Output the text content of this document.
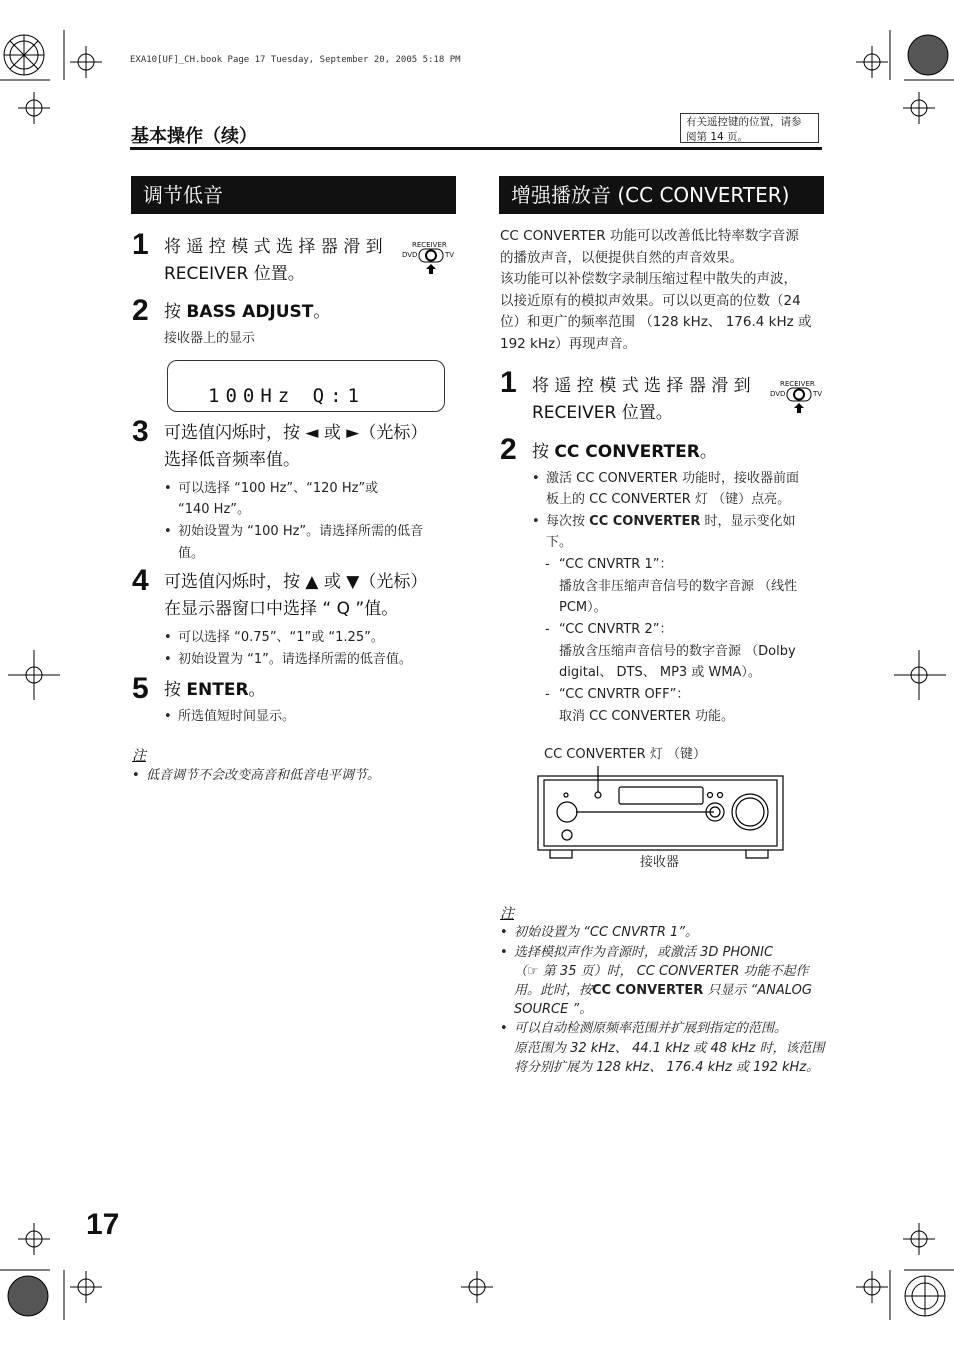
EXA10[UF]_CH.book Page 17 Tuesday, September 20, 2005 5:18 PM
基本操作（续）
有关遥控键的位置，请参
阅第 14 页。
调节低音
1 将 遥 控 模 式 选 择 器 滑 到
RECEIVER 位置。
RECEIVER
DVD	TV
2 按 BASS ADJUST。
接收器上的显示
100Hz Q:1
3 可选值闪烁时，按 ◄ 或 ►（光标）
选择低音频率值。
• 可以选择 “100 Hz”、“120 Hz”或
“140 Hz”。
• 初始设置为 “100 Hz”。请选择所需的低音
值。
4 可选值闪烁时，按 ▲ 或 ▼（光标）
在显示器窗口中选择 “ Q ”值。
• 可以选择 “0.75”、“1”或 “1.25”。
• 初始设置为 “1”。请选择所需的低音值。
5 按 ENTER。
• 所选值短时间显示。
注
• 低音调节不会改变高音和低音电平调节。
增强播放音 (CC CONVERTER)
CC CONVERTER 功能可以改善低比特率数字音源
的播放声音，以便提供自然的声音效果。
该功能可以补偿数字录制压缩过程中散失的声波，
以接近原有的模拟声效果。可以以更高的位数（24
位）和更广的频率范围 （128 kHz、 176.4 kHz 或
192 kHz）再现声音。
1 将 遥 控 模 式 选 择 器 滑 到
RECEIVER 位置。
RECEIVER
DVD	TV
2 按 CC CONVERTER。
• 激活 CC CONVERTER 功能时，接收器前面
板上的 CC CONVERTER 灯 （键）点亮。
• 每次按 CC CONVERTER 时，显示变化如
下。
- “CC CNVRTR 1”：
播放含非压缩声音信号的数字音源 （线性
PCM）。
- “CC CNVRTR 2”：
播放含压缩声音信号的数字音源 （Dolby
digital、 DTS、 MP3 或 WMA）。
- “CC CNVRTR OFF”：
取消 CC CONVERTER 功能。
CC CONVERTER 灯 （键）
接收器
注
• 初始设置为 “CC CNVRTR 1”。
• 选择模拟声作为音源时，或激活 3D PHONIC
（☞ 第 35 页）时， CC CONVERTER 功能不起作
用。此时，按CC CONVERTER 只显示 “ANALOG
SOURCE ”。
• 可以自动检测原频率范围并扩展到指定的范围。
原范围为 32 kHz、 44.1 kHz 或 48 kHz 时，该范围
将分别扩展为 128 kHz、 176.4 kHz 或 192 kHz。
17
